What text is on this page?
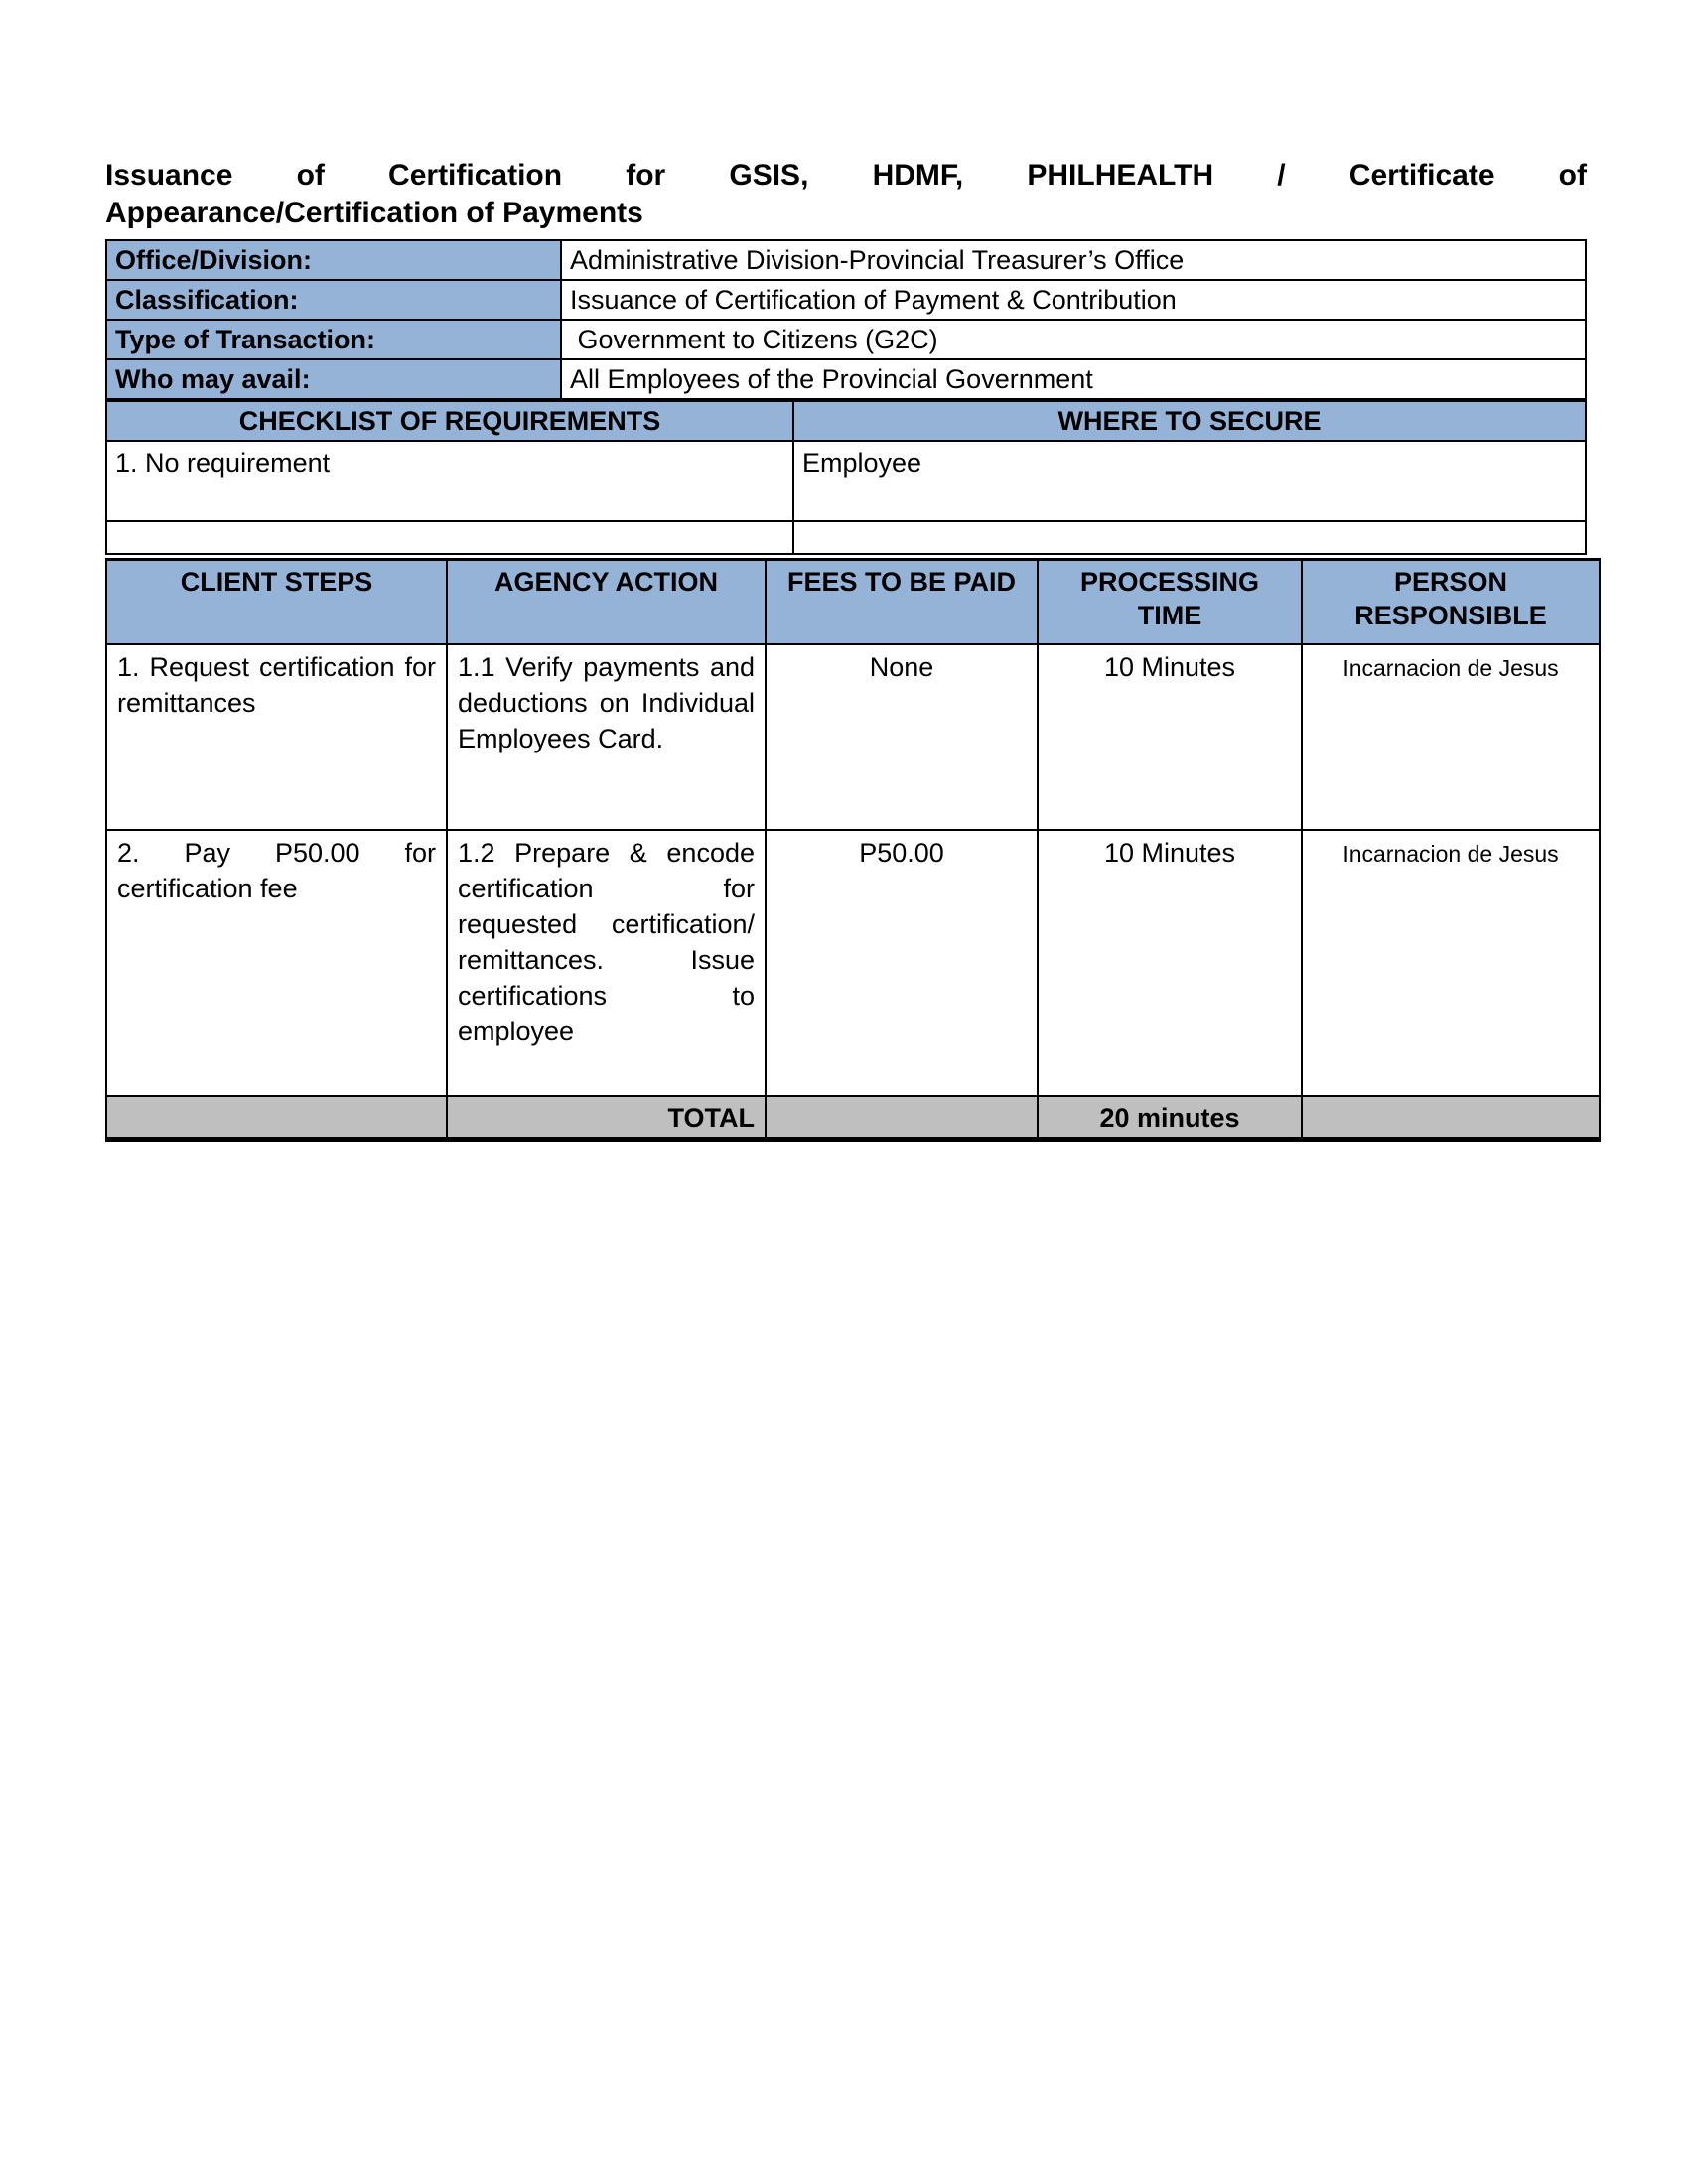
Issuance of Certification for GSIS, HDMF, PHILHEALTH / Certificate of
Appearance/Certification of Payments
Office/Division:	Administrative Division-Provincial Treasurer’s Office
Classification:	Issuance of Certification of Payment & Contribution
Type of Transaction:	Government to Citizens (G2C)
Who may avail:	All Employees of the Provincial Government
CHECKLIST OF REQUIREMENTS	WHERE TO SECURE
1. No requirement	Employee

CLIENT STEPS	AGENCY ACTION	FEES TO BE PAID	PROCESSING TIME	PERSON RESPONSIBLE
1. Request certification for remittances	1.1 Verify payments and deductions on Individual Employees Card.	None	10 Minutes	Incarnacion de Jesus
2. Pay P50.00 for certification fee	1.2 Prepare & encode certification for requested certification/ remittances. Issue certifications to employee	P50.00	10 Minutes	Incarnacion de Jesus
	TOTAL		20 minutes	
